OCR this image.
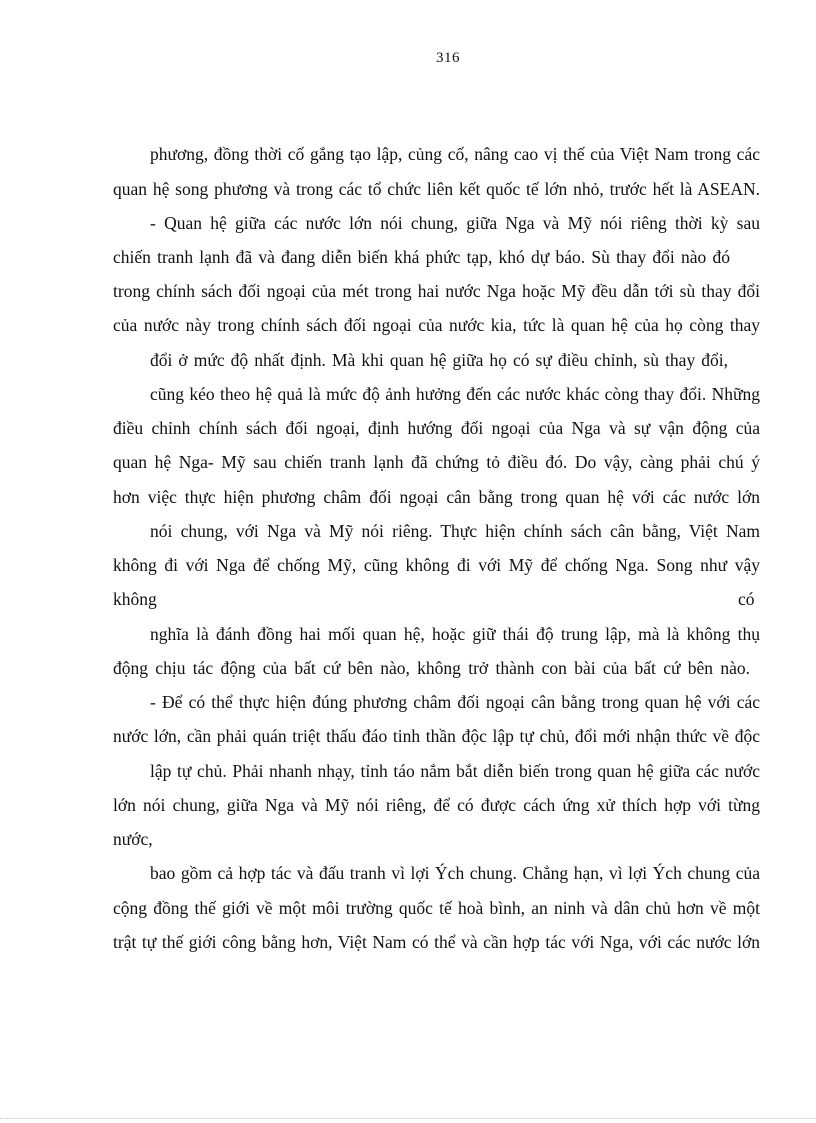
316
phương, đồng thời cố gắng tạo lập, củng cố, nâng cao vị thế của Việt Nam trong các
quan hệ song phương và trong các tổ chức liên kết quốc tế lớn nhỏ, trước hết là ASEAN.
- Quan hệ giữa các nước lớn nói chung, giữa Nga và Mỹ nói riêng thời kỳ sau
chiến tranh lạnh đã và đang diễn biến khá phức tạp, khó dự báo. Sù thay đổi nào đó
trong chính sách đối ngoại của mét trong hai nước Nga hoặc Mỹ đều dẫn tới sù thay đổi
của nước này trong chính sách đối ngoại của nước kia, tức là quan hệ của họ còng thay
đổi ở mức độ nhất định. Mà khi quan hệ giữa họ có sự điều chỉnh, sù thay đổi,
cũng kéo theo hệ quả là mức độ ảnh hưởng đến các nước khác còng thay đổi. Những
điều chỉnh chính sách đối ngoại, định hướng đối ngoại của Nga và sự vận động của
quan hệ Nga- Mỹ sau chiến tranh lạnh đã chứng tỏ điều đó. Do vậy, càng phải chú ý
hơn việc thực hiện phương châm đối ngoại cân bằng trong quan hệ với các nước lớn
nói chung, với Nga và Mỹ nói riêng. Thực hiện chính sách cân bằng, Việt Nam
không đi với Nga để chống Mỹ, cũng không đi với Mỹ để chống Nga. Song như vậy
không	có
nghĩa là đánh đồng hai mối quan hệ, hoặc giữ thái độ trung lập, mà là không thụ
động chịu tác động của bất cứ bên nào, không trở thành con bài của bất cứ bên nào.
- Để có thể thực hiện đúng phương châm đối ngoại cân bằng trong quan hệ với các
nước lớn, cần phải quán triệt thấu đáo tinh thần độc lập tự chủ, đổi mới nhận thức về độc
lập tự chủ. Phải nhanh nhạy, tỉnh táo nắm bắt diễn biến trong quan hệ giữa các nước
lớn nói chung, giữa Nga và Mỹ nói riêng, để có được cách ứng xử thích hợp với từng
nước,
bao gồm cả hợp tác và đấu tranh vì lợi Ých chung. Chẳng hạn, vì lợi Ých chung của
cộng đồng thế giới về một môi trường quốc tế hoà bình, an ninh và dân chủ hơn về một
trật tự thế giới công bằng hơn, Việt Nam có thể và cần hợp tác với Nga, với các nước lớn
